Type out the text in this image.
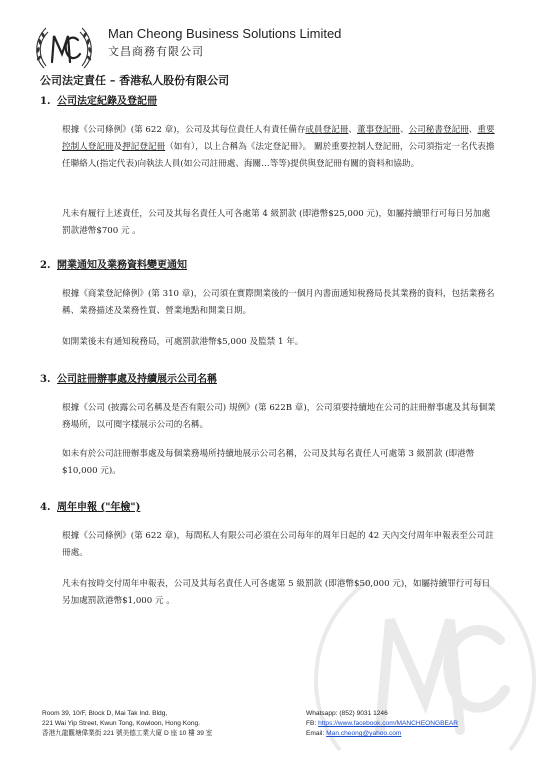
Man Cheong Business Solutions Limited
文昌商務有限公司
公司法定責任 – 香港私人股份有限公司
1. 公司法定紀錄及登記冊
根據《公司條例》(第 622 章)，公司及其每位責任人有責任備存成員登記冊、董事登記冊、公司秘書登記冊、重要控制人登記冊及押記登記冊（如有），以上合稱為《法定登記冊》。 關於重要控制人登記冊，公司須指定一名代表擔任聯絡人(指定代表)向執法人員(如公司註冊處、海關…等等)提供與登記冊有關的資料和協助。
凡未有履行上述責任，公司及其每名責任人可各處第 4 級罰款 (即港幣$25,000 元)，如屬持續罪行可每日另加處罰款港幣$700 元 。
2. 開業通知及業務資料變更通知
根據《商業登記條例》(第 310 章)，公司須在實際開業後的一個月內書面通知稅務局長其業務的資料，包括業務名稱、業務描述及業務性質、營業地點和開業日期。
如開業後未有通知稅務局，可處罰款港幣$5,000 及監禁 1 年。
3. 公司註冊辦事處及持續展示公司名稱
根據《公司 (披露公司名稱及是否有限公司) 規例》(第 622B 章)，公司須要持續地在公司的註冊辦事處及其每個業務場所，以可閱字樣展示公司的名稱。
如未有於公司註冊辦事處及每個業務場所持續地展示公司名稱，公司及其每名責任人可處第 3 級罰款 (即港幣$10,000 元)。
4. 周年申報 ("年檢")
根據《公司條例》(第 622 章)，每間私人有限公司必須在公司每年的周年日起的 42 天內交付周年申報表至公司註冊處。
凡未有按時交付周年申報表，公司及其每名責任人可各處第 5 級罰款 (即港幣$50,000 元)，如屬持續罪行可每日另加處罰款港幣$1,000 元 。
Room 39, 10/F, Block D, Mai Tak Ind. Bldg,
221 Wai Yip Street, Kwun Tong, Kowloon, Hong Kong.
香港九龍觀塘偉業街 221 號美德工業大廈 D 座 10 樓 39 室
Whatsapp: (852) 9031 1246
FB: https://www.facebook.com/MANCHEONGBEAR
Email: Man.cheong@yahoo.com
